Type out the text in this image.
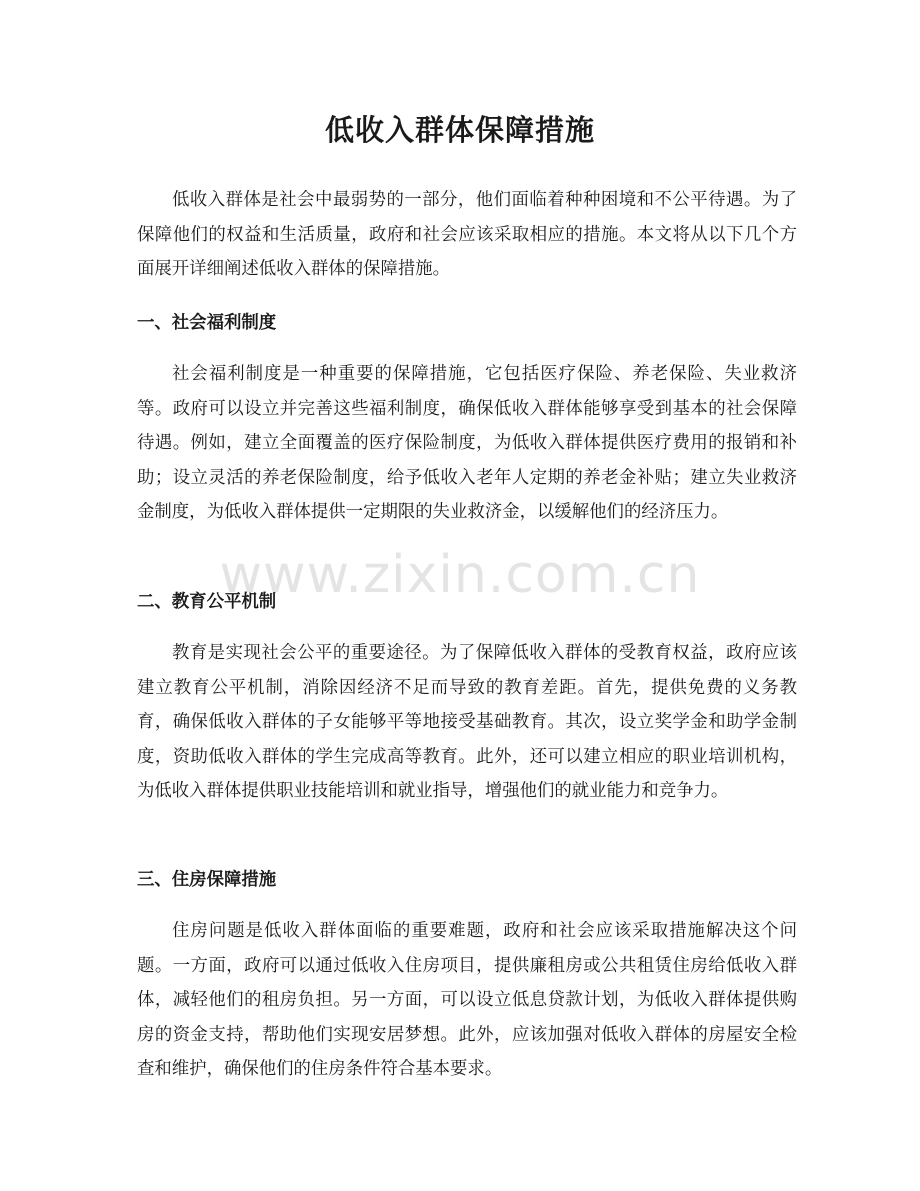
低收入群体保障措施

低收入群体是社会中最弱势的一部分，他们面临着种种困境和不公平待遇。为了保障他们的权益和生活质量，政府和社会应该采取相应的措施。本文将从以下几个方面展开详细阐述低收入群体的保障措施。

一、社会福利制度

社会福利制度是一种重要的保障措施，它包括医疗保险、养老保险、失业救济等。政府可以设立并完善这些福利制度，确保低收入群体能够享受到基本的社会保障待遇。例如，建立全面覆盖的医疗保险制度，为低收入群体提供医疗费用的报销和补助；设立灵活的养老保险制度，给予低收入老年人定期的养老金补贴；建立失业救济金制度，为低收入群体提供一定期限的失业救济金，以缓解他们的经济压力。

二、教育公平机制

教育是实现社会公平的重要途径。为了保障低收入群体的受教育权益，政府应该建立教育公平机制，消除因经济不足而导致的教育差距。首先，提供免费的义务教育，确保低收入群体的子女能够平等地接受基础教育。其次，设立奖学金和助学金制度，资助低收入群体的学生完成高等教育。此外，还可以建立相应的职业培训机构，为低收入群体提供职业技能培训和就业指导，增强他们的就业能力和竞争力。

三、住房保障措施

住房问题是低收入群体面临的重要难题，政府和社会应该采取措施解决这个问题。一方面，政府可以通过低收入住房项目，提供廉租房或公共租赁住房给低收入群体，减轻他们的租房负担。另一方面，可以设立低息贷款计划，为低收入群体提供购房的资金支持，帮助他们实现安居梦想。此外，应该加强对低收入群体的房屋安全检查和维护，确保他们的住房条件符合基本要求。

www.zixin.com.cn
